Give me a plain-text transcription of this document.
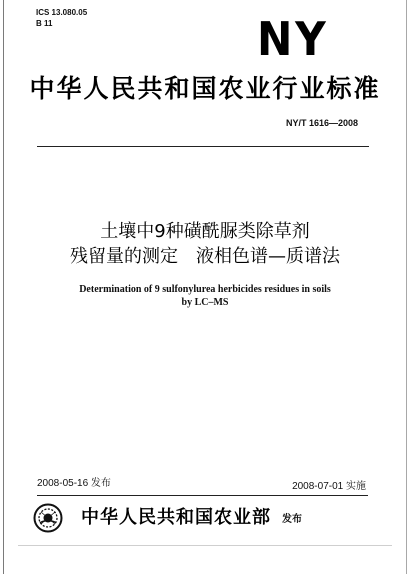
ICS 13.080.05
B 11	NY
中华人民共和国农业行业标准
NY/T 1616—2008
土壤中9种磺酰脲类除草剂
残留量的测定　液相色谱—质谱法
Determination of 9 sulfonylurea herbicides residues in soils
by LC–MS
2008-05-16 发布	2008-07-01 实施
中华人民共和国农业部 发布
